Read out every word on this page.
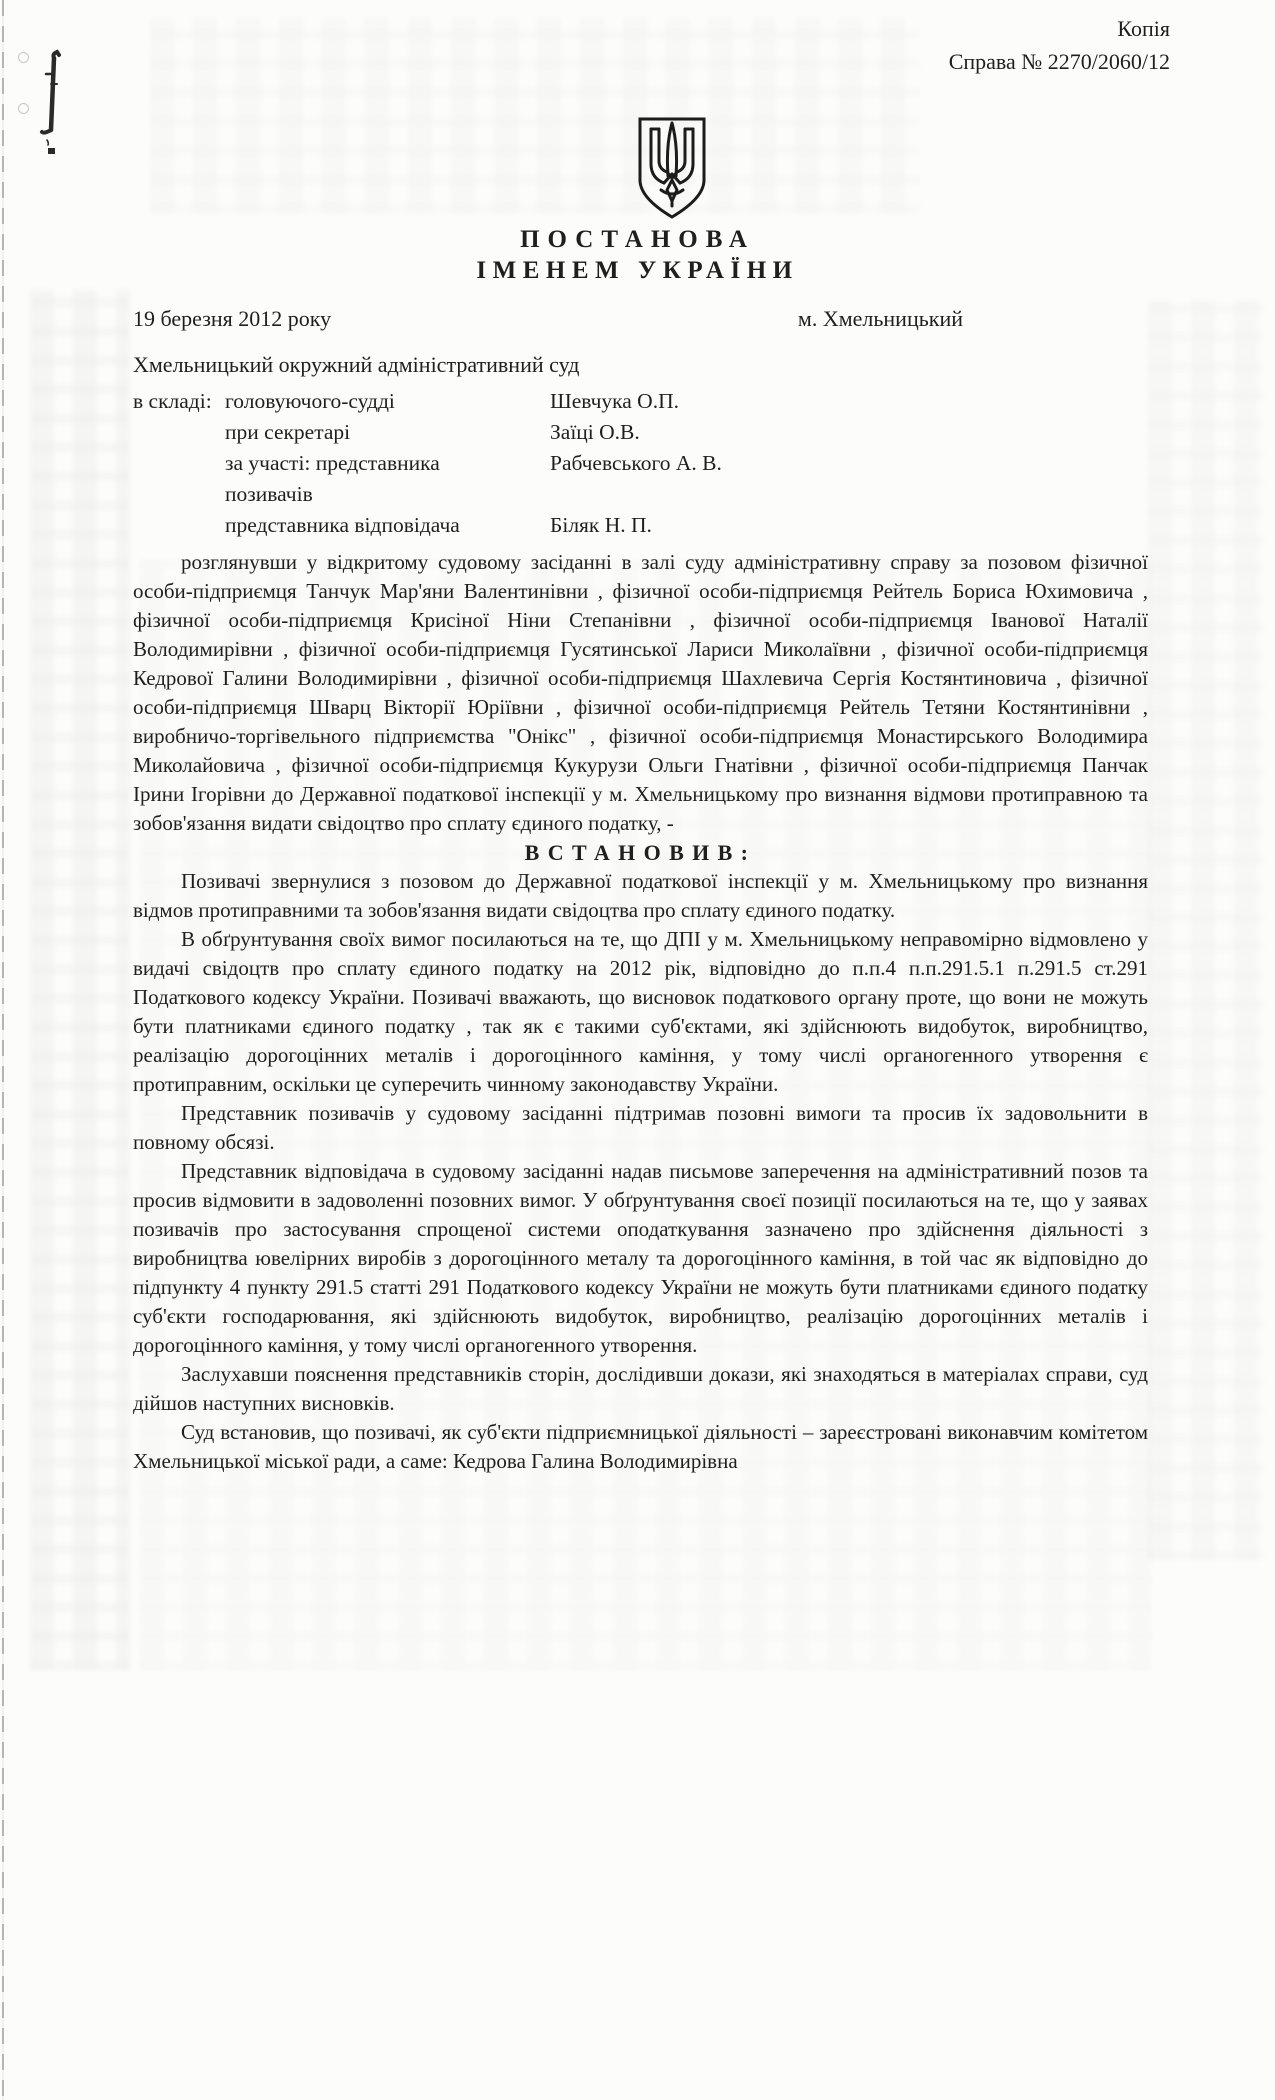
Копія
Справа № 2270/2060/12
ПОСТАНОВА
ІМЕНЕМ УКРАЇНИ
19 березня 2012 року	м. Хмельницький
Хмельницький окружний адміністративний суд
в складі: головуючого-судді	Шевчука О.П.
при секретарі	Заїці О.В.
за участі: представника	Рабчевського А. В.
позивачів
представника відповідача	Біляк Н. П.

розглянувши у відкритому судовому засіданні в залі суду адміністративну справу за позовом фізичної особи-підприємця Танчук Мар'яни Валентинівни , фізичної особи-підприємця Рейтель Бориса Юхимовича , фізичної особи-підприємця Крисіної Ніни Степанівни , фізичної особи-підприємця Іванової Наталії Володимирівни , фізичної особи-підприємця Гусятинської Лариси Миколаївни , фізичної особи-підприємця Кедрової Галини Володимирівни , фізичної особи-підприємця Шахлевича Сергія Костянтиновича , фізичної особи-підприємця Шварц Вікторії Юріївни , фізичної особи-підприємця Рейтель Тетяни Костянтинівни , виробничо-торгівельного підприємства "Онікс" , фізичної особи-підприємця Монастирського Володимира Миколайовича , фізичної особи-підприємця Кукурузи Ольги Гнатівни , фізичної особи-підприємця Панчак Ірини Ігорівни до Державної податкової інспекції у м. Хмельницькому про визнання відмови протиправною та зобов'язання видати свідоцтво про сплату єдиного податку, -

ВСТАНОВИВ:

Позивачі звернулися з позовом до Державної податкової інспекції у м. Хмельницькому про визнання відмов протиправними та зобов'язання видати свідоцтва про сплату єдиного податку.

В обґрунтування своїх вимог посилаються на те, що ДПІ у м. Хмельницькому неправомірно відмовлено у видачі свідоцтв про сплату єдиного податку на 2012 рік, відповідно до п.п.4 п.п.291.5.1 п.291.5 ст.291 Податкового кодексу України. Позивачі вважають, що висновок податкового органу проте, що вони не можуть бути платниками єдиного податку , так як є такими суб'єктами, які здійснюють видобуток, виробництво, реалізацію дорогоцінних металів і дорогоцінного каміння, у тому числі органогенного утворення є протиправним, оскільки це суперечить чинному законодавству України.

Представник позивачів у судовому засіданні підтримав позовні вимоги та просив їх задовольнити в повному обсязі.

Представник відповідача в судовому засіданні надав письмове заперечення на адміністративний позов та просив відмовити в задоволенні позовних вимог. У обґрунтування своєї позиції посилаються на те, що у заявах позивачів про застосування спрощеної системи оподаткування зазначено про здійснення діяльності з виробництва ювелірних виробів з дорогоцінного металу та дорогоцінного каміння, в той час як відповідно до підпункту 4 пункту 291.5 статті 291 Податкового кодексу України не можуть бути платниками єдиного податку суб'єкти господарювання, які здійснюють видобуток, виробництво, реалізацію дорогоцінних металів і дорогоцінного каміння, у тому числі органогенного утворення.

Заслухавши пояснення представників сторін, дослідивши докази, які знаходяться в матеріалах справи, суд дійшов наступних висновків.

Суд встановив, що позивачі, як суб'єкти підприємницької діяльності – зареєстровані виконавчим комітетом Хмельницької міської ради, а саме: Кедрова Галина Володимирівна
